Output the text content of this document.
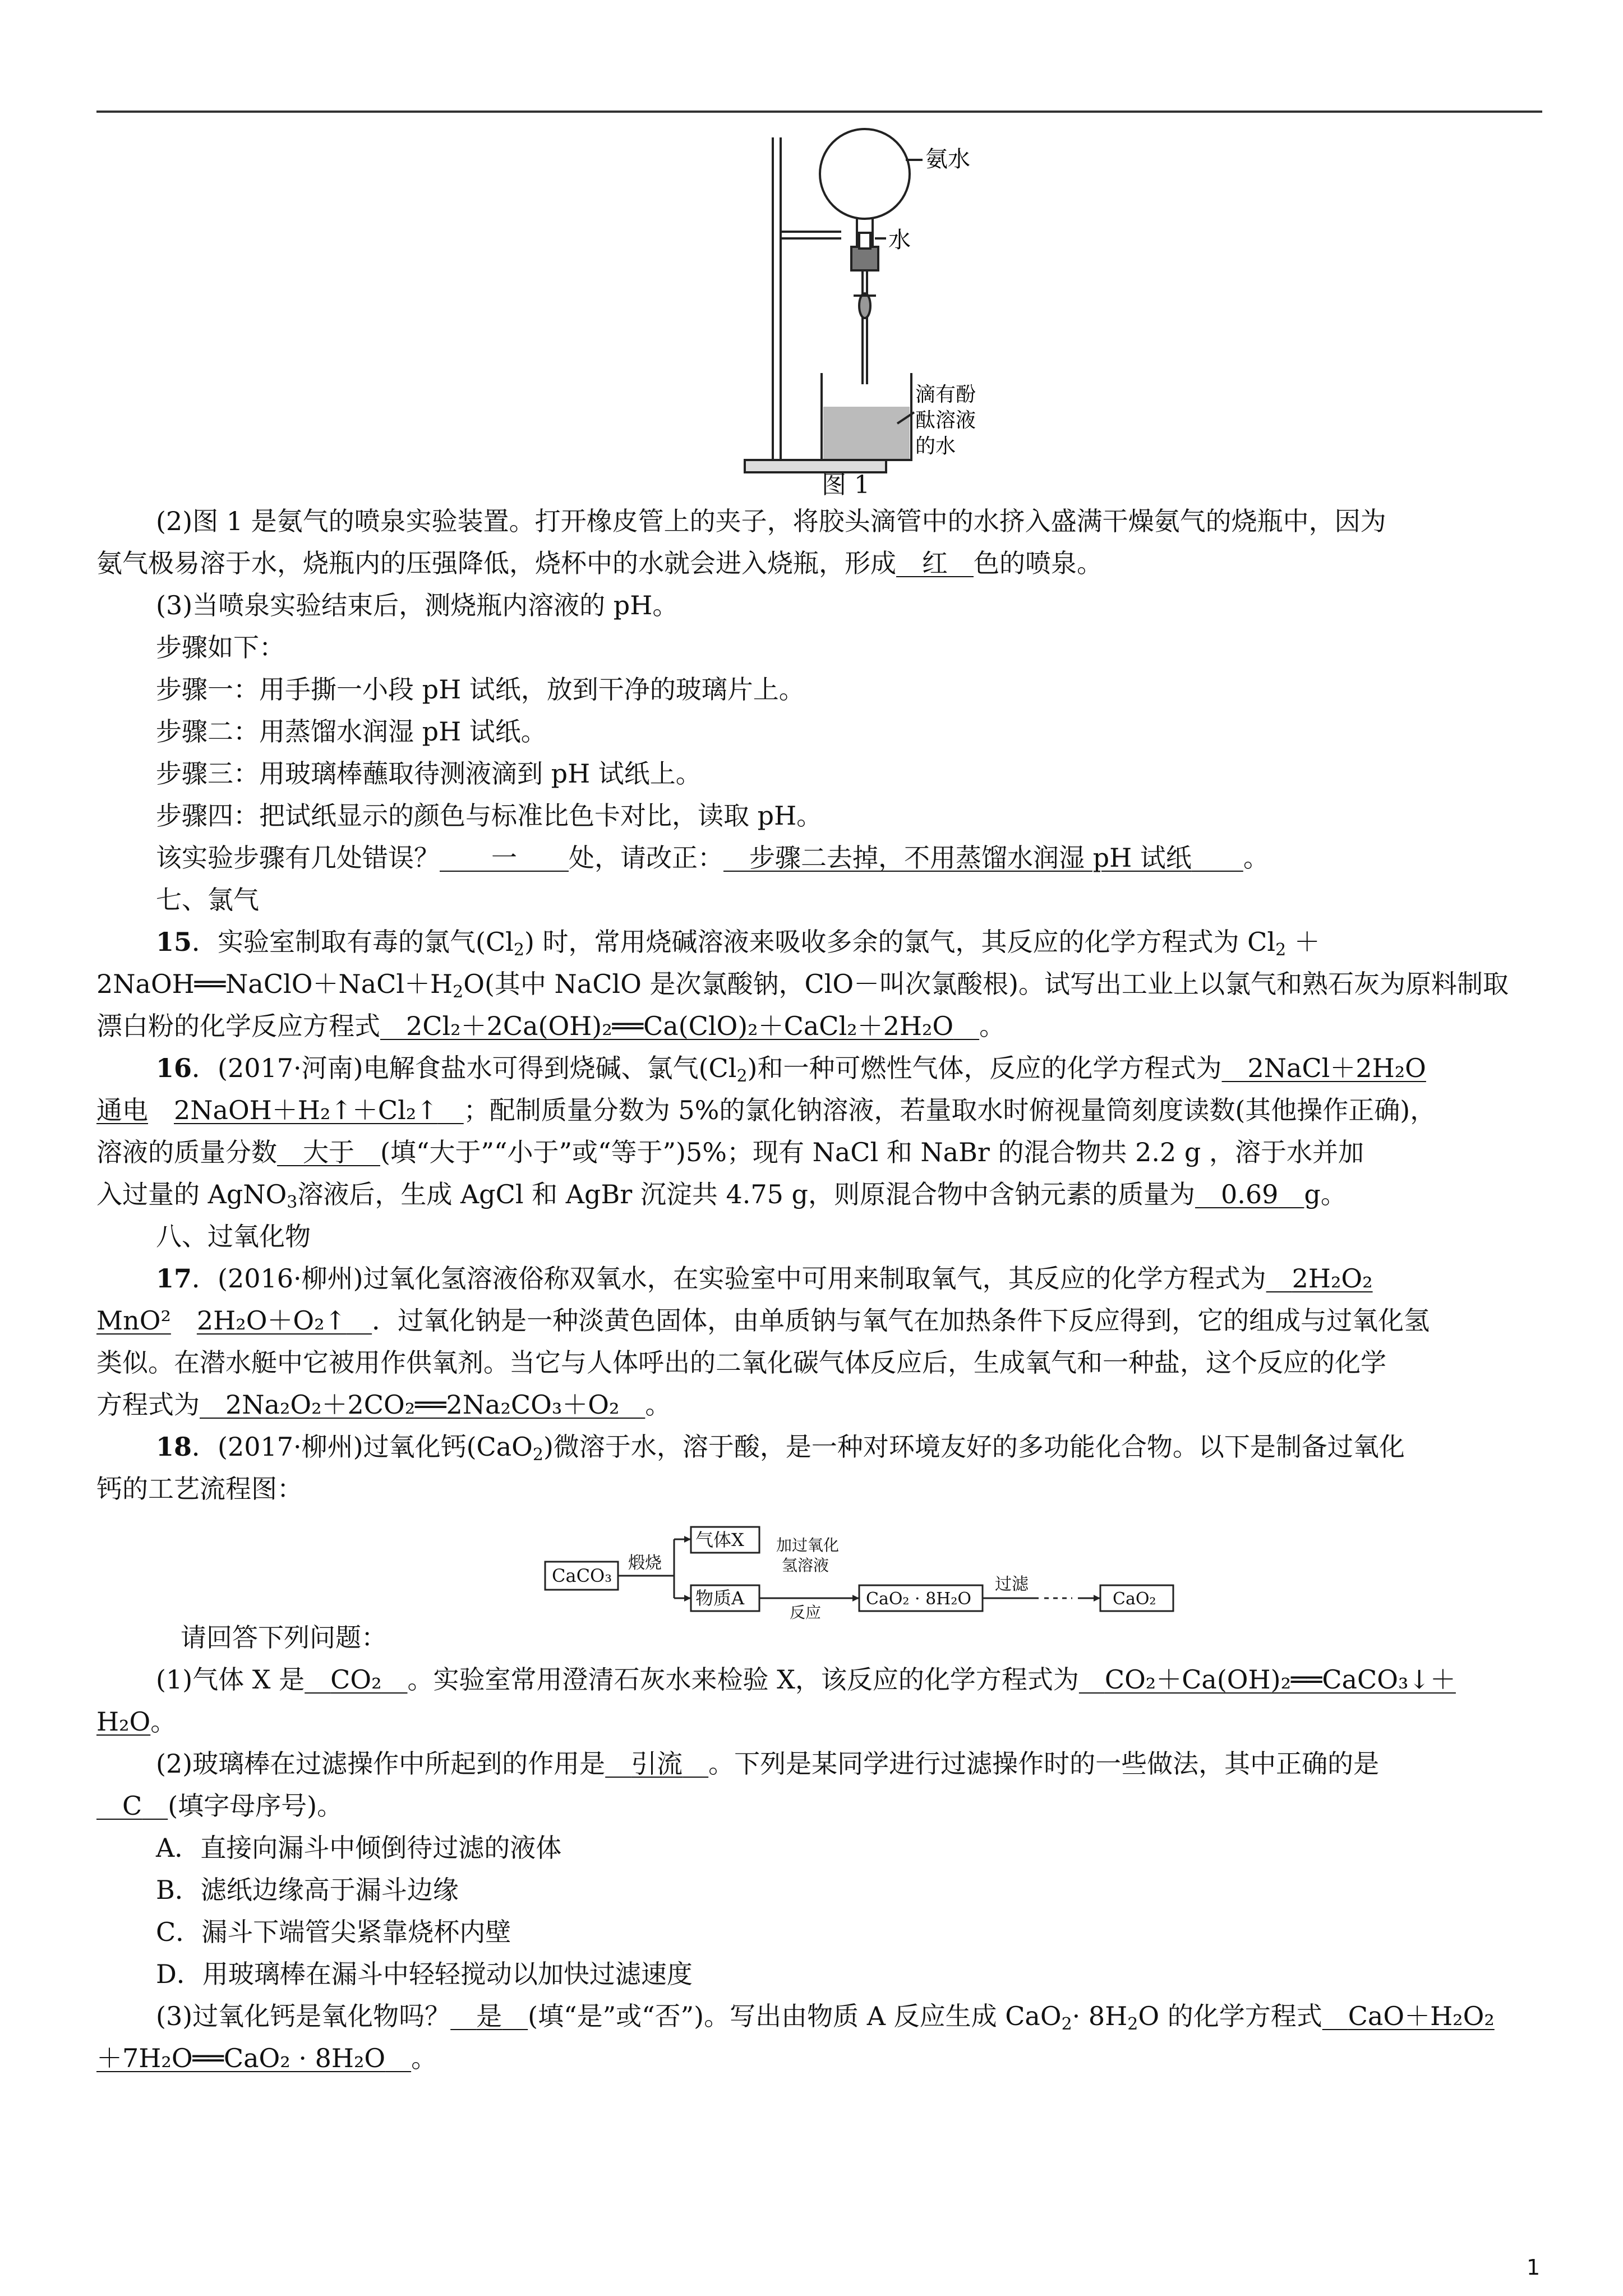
氨水
水
滴有酚
酞溶液
的水
图 1
(2)图 1 是氨气的喷泉实验装置。打开橡皮管上的夹子，将胶头滴管中的水挤入盛满干燥氨气的烧瓶中，因为
氨气极易溶于水，烧瓶内的压强降低，烧杯中的水就会进入烧瓶，形成  红  色的喷泉。
(3)当喷泉实验结束后，测烧瓶内溶液的 pH。
步骤如下：
步骤一：用手撕一小段 pH 试纸，放到干净的玻璃片上。
步骤二：用蒸馏水润湿 pH 试纸。
步骤三：用玻璃棒蘸取待测液滴到 pH 试纸上。
步骤四：把试纸显示的颜色与标准比色卡对比，读取 pH。
该实验步骤有几处错误？   一   处，请改正：  步骤二去掉，不用蒸馏水润湿 pH 试纸   。
七、氯气
15．实验室制取有毒的氯气$(Cl_2)$ 时，常用烧碱溶液来吸收多余的氯气，其反应的化学方程式为 $Cl_2$ ＋
$2NaOH══NaClO+NaCl+H_2O$(其中 NaClO 是次氯酸钠，ClO－叫次氯酸根)。试写出工业上以氯气和熟石灰为原料制取
漂白粉的化学反应方程式  2Cl₂＋2Ca(OH)₂══Ca(ClO)₂＋CaCl₂＋2H₂O  。
16．(2017·河南)电解食盐水可得到烧碱、氯气$(Cl_2)$和一种可燃性气体，反应的化学方程式为  2NaCl＋2H₂O
通电  2NaOH＋H₂↑＋Cl₂↑  ；配制质量分数为 5%的氯化钠溶液，若量取水时俯视量筒刻度读数(其他操作正确)，
溶液的质量分数  大于  (填“大于”“小于”或“等于”)5%；现有 NaCl 和 NaBr 的混合物共 2.2 g ，溶于水并加
入过量的 AgNO$_3$溶液后，生成 AgCl 和 AgBr 沉淀共 4.75 g，则原混合物中含钠元素的质量为  0.69  g。
八、过氧化物
17．(2016·柳州)过氧化氢溶液俗称双氧水，在实验室中可用来制取氧气，其反应的化学方程式为  2H₂O₂
MnO²  2H₂O＋O₂↑  ．过氧化钠是一种淡黄色固体，由单质钠与氧气在加热条件下反应得到，它的组成与过氧化氢
类似。在潜水艇中它被用作供氧剂。当它与人体呼出的二氧化碳气体反应后，生成氧气和一种盐，这个反应的化学
方程式为  2Na₂O₂＋2CO₂══2Na₂CO₃＋O₂  。
18．(2017·柳州)过氧化钙(CaO$_2$)微溶于水，溶于酸，是一种对环境友好的多功能化合物。以下是制备过氧化
钙的工艺流程图：
CaCO₃
煅烧
气体X
物质A
加过氧化
氢溶液
反应
CaO₂ · 8H₂O
过滤
CaO₂
请回答下列问题：
(1)气体 X 是  CO₂  。实验室常用澄清石灰水来检验 X，该反应的化学方程式为  CO₂＋Ca(OH)₂══CaCO₃↓＋
H₂O。
(2)玻璃棒在过滤操作中所起到的作用是  引流  。下列是某同学进行过滤操作时的一些做法，其中正确的是
 C  (填字母序号)。
A．直接向漏斗中倾倒待过滤的液体
B．滤纸边缘高于漏斗边缘
C．漏斗下端管尖紧靠烧杯内壁
D．用玻璃棒在漏斗中轻轻搅动以加快过滤速度
(3)过氧化钙是氧化物吗？  是  (填“是”或“否”)。写出由物质 A 反应生成 $CaO_2\cdot 8H_2O$ 的化学方程式  CaO＋H₂O₂
＋7H₂O══CaO₂ · 8H₂O  。
1
